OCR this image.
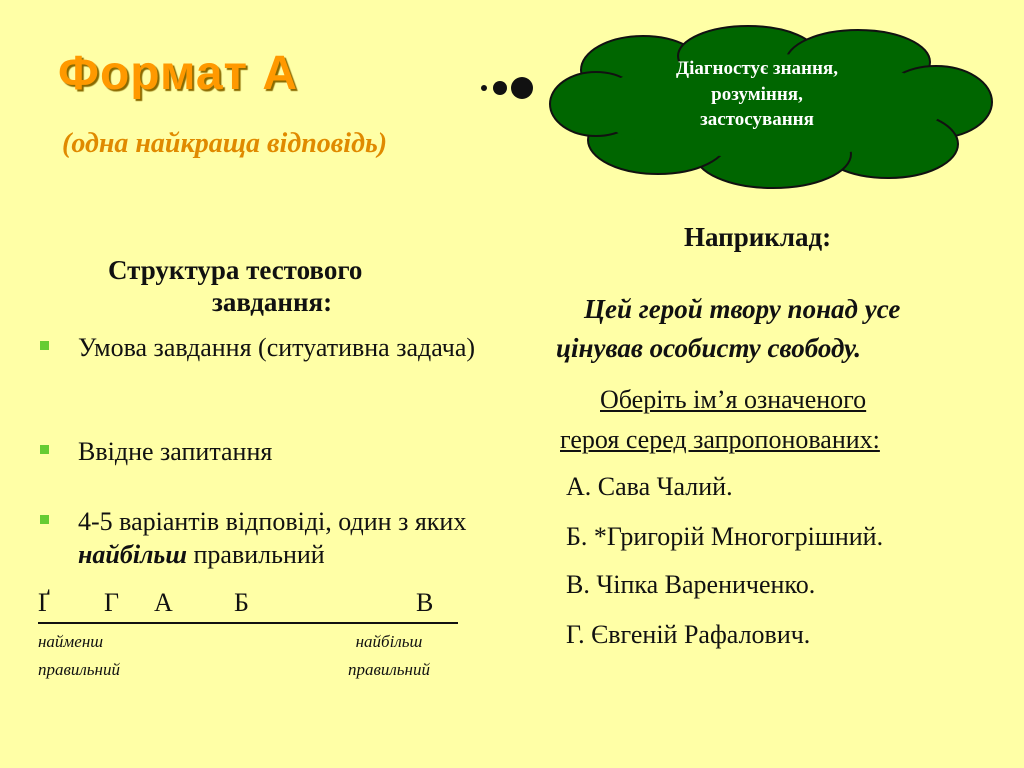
Формат А
(одна найкраща відповідь)
Діагностує знання,
розуміння,
застосування
Структура тестового
завдання:
Умова завдання (ситуативна задача)
Ввідне запитання
4-5 варіантів відповіді, один з яких найбільш правильний
Ґ Г А Б	В
найменш
правильний
найбільш
правильний
Наприклад:
Цей герой твору понад усе
цінував особисту свободу.
Оберіть ім’я означеного
героя серед запропонованих:
А. Сава Чалий.
Б. *Григорій Многогрішний.
В. Чіпка Варениченко.
Г. Євгеній Рафалович.
